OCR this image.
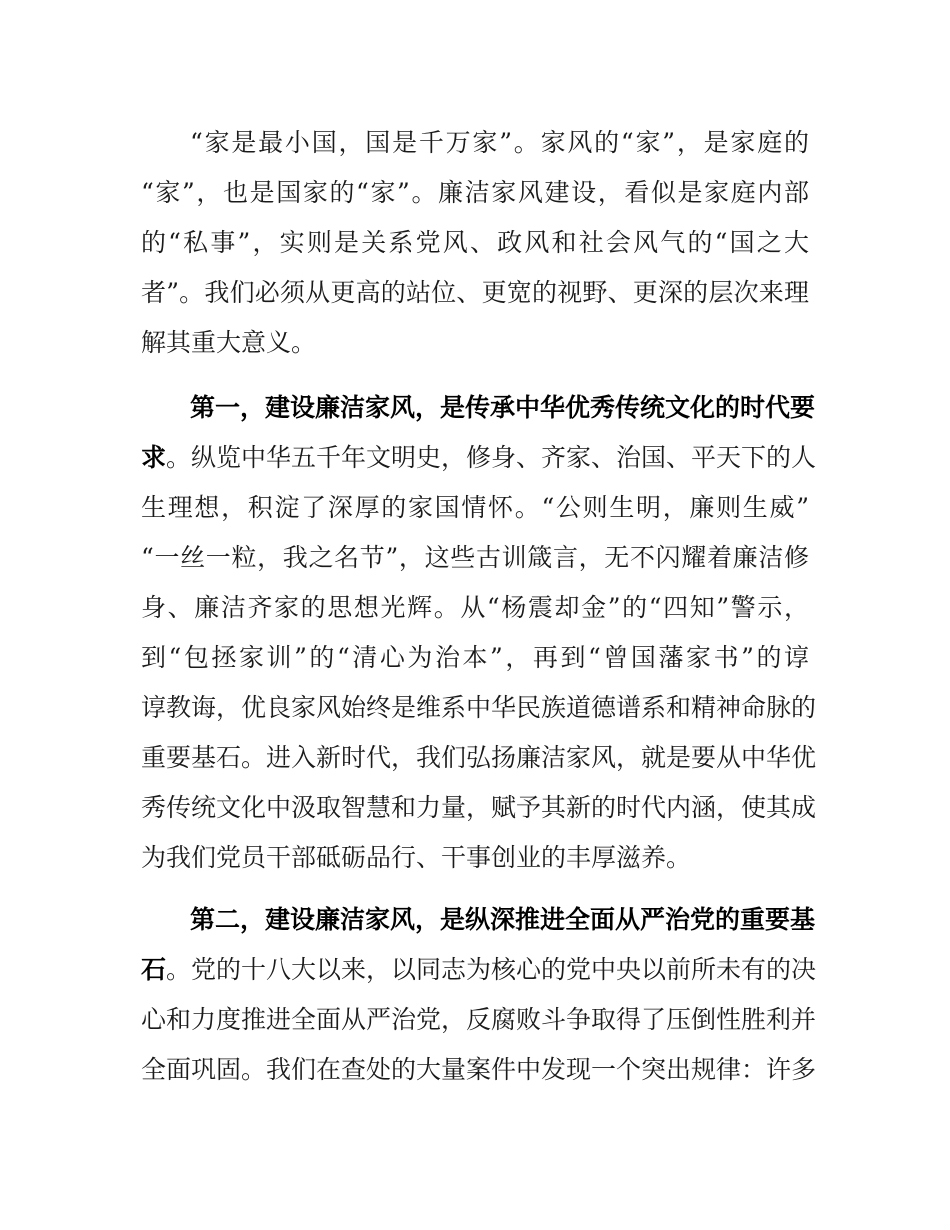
“家是最小国，国是千万家”。家风的“家”，是家庭的
“家”，也是国家的“家”。廉洁家风建设，看似是家庭内部
的“私事”，实则是关系党风、政风和社会风气的“国之大
者”。我们必须从更高的站位、更宽的视野、更深的层次来理
解其重大意义。
第一，建设廉洁家风，是传承中华优秀传统文化的时代要
求。纵览中华五千年文明史，修身、齐家、治国、平天下的人
生理想，积淀了深厚的家国情怀。“公则生明，廉则生威”
“一丝一粒，我之名节”，这些古训箴言，无不闪耀着廉洁修
身、廉洁齐家的思想光辉。从“杨震却金”的“四知”警示，
到“包拯家训”的“清心为治本”，再到“曾国藩家书”的谆
谆教诲，优良家风始终是维系中华民族道德谱系和精神命脉的
重要基石。进入新时代，我们弘扬廉洁家风，就是要从中华优
秀传统文化中汲取智慧和力量，赋予其新的时代内涵，使其成
为我们党员干部砥砺品行、干事创业的丰厚滋养。
第二，建设廉洁家风，是纵深推进全面从严治党的重要基
石。党的十八大以来，以同志为核心的党中央以前所未有的决
心和力度推进全面从严治党，反腐败斗争取得了压倒性胜利并
全面巩固。我们在查处的大量案件中发现一个突出规律：许多
